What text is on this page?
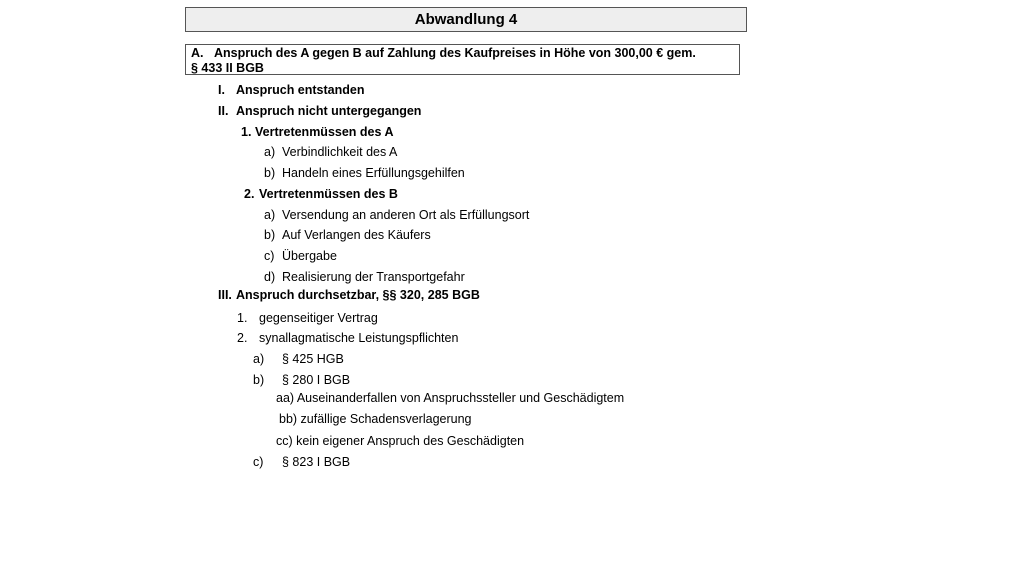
Abwandlung 4
A. Anspruch des A gegen B auf Zahlung des Kaufpreises in Höhe von 300,00 € gem.
§ 433 II BGB
I. Anspruch entstanden
II. Anspruch nicht untergegangen
1. Vertretenmüssen des A
a) Verbindlichkeit des A
b) Handeln eines Erfüllungsgehilfen
2. Vertretenmüssen des B
a) Versendung an anderen Ort als Erfüllungsort
b) Auf Verlangen des Käufers
c) Übergabe
d) Realisierung der Transportgefahr
III. Anspruch durchsetzbar, §§ 320, 285 BGB
1. gegenseitiger Vertrag
2. synallagmatische Leistungspflichten
a) § 425 HGB
b) § 280 I BGB
aa) Auseinanderfallen von Anspruchssteller und Geschädigtem
bb) zufällige Schadensverlagerung
cc) kein eigener Anspruch des Geschädigten
c) § 823 I BGB
